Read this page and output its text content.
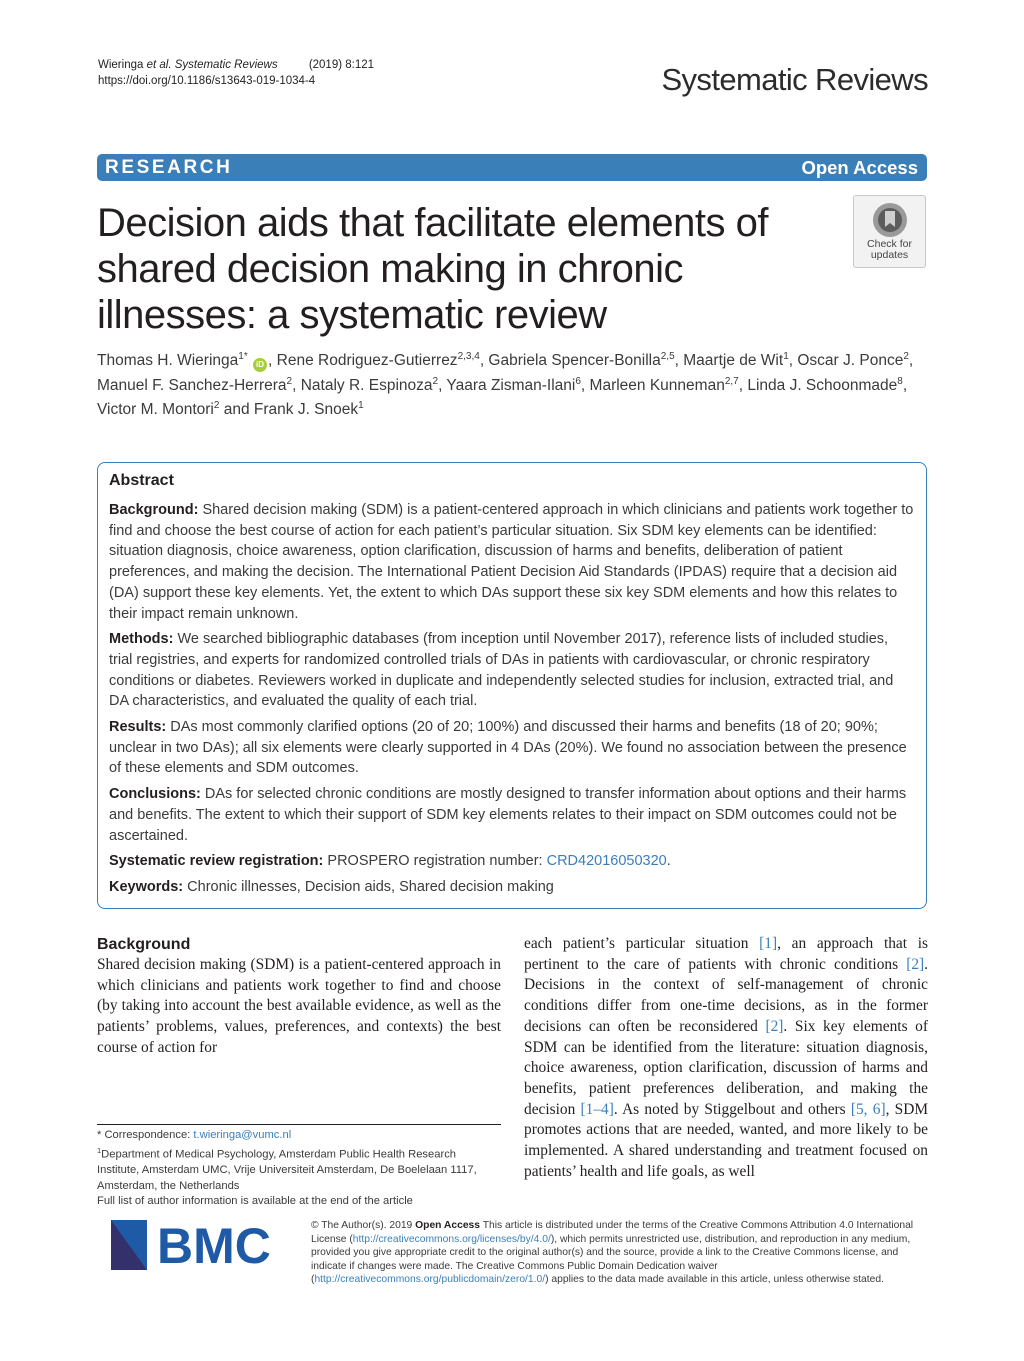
Wieringa et al. Systematic Reviews	(2019) 8:121
https://doi.org/10.1186/s13643-019-1034-4	Systematic Reviews
RESEARCH	Open Access
Decision aids that facilitate elements of shared decision making in chronic illnesses: a systematic review
Check for
updates
Thomas H. Wieringa$^{1*}$ iD , Rene Rodriguez-Gutierrez$^{2,3,4}$, Gabriela Spencer-Bonilla$^{2,5}$, Maartje de Wit$^1$, Oscar J. Ponce$^2$, Manuel F. Sanchez-Herrera$^2$, Nataly R. Espinoza$^2$, Yaara Zisman-Ilani$^6$, Marleen Kunneman$^{2,7}$, Linda J. Schoonmade$^8$, Victor M. Montori$^2$ and Frank J. Snoek$^1$
Abstract

Background: Shared decision making (SDM) is a patient-centered approach in which clinicians and patients work together to find and choose the best course of action for each patient’s particular situation. Six SDM key elements can be identified: situation diagnosis, choice awareness, option clarification, discussion of harms and benefits, deliberation of patient preferences, and making the decision. The International Patient Decision Aid Standards (IPDAS) require that a decision aid (DA) support these key elements. Yet, the extent to which DAs support these six key SDM elements and how this relates to their impact remain unknown.

Methods: We searched bibliographic databases (from inception until November 2017), reference lists of included studies, trial registries, and experts for randomized controlled trials of DAs in patients with cardiovascular, or chronic respiratory conditions or diabetes. Reviewers worked in duplicate and independently selected studies for inclusion, extracted trial, and DA characteristics, and evaluated the quality of each trial.

Results: DAs most commonly clarified options (20 of 20; 100%) and discussed their harms and benefits (18 of 20; 90%; unclear in two DAs); all six elements were clearly supported in 4 DAs (20%). We found no association between the presence of these elements and SDM outcomes.

Conclusions: DAs for selected chronic conditions are mostly designed to transfer information about options and their harms and benefits. The extent to which their support of SDM key elements relates to their impact on SDM outcomes could not be ascertained.

Systematic review registration: PROSPERO registration number: CRD42016050320.

Keywords: Chronic illnesses, Decision aids, Shared decision making

Background

Shared decision making (SDM) is a patient-centered approach in which clinicians and patients work together to find and choose (by taking into account the best available evidence, as well as the patients’ problems, values, preferences, and contexts) the best course of action for

each patient’s particular situation [1], an approach that is pertinent to the care of patients with chronic conditions [2]. Decisions in the context of self-management of chronic conditions differ from one-time decisions, as in the former decisions can often be reconsidered [2]. Six key elements of SDM can be identified from the literature: situation diagnosis, choice awareness, option clarification, discussion of harms and benefits, patient preferences deliberation, and making the decision [1–4]. As noted by Stiggelbout and others [5, 6], SDM promotes actions that are needed, wanted, and more likely to be implemented. A shared understanding and treatment focused on patients’ health and life goals, as well

* Correspondence: t.wieringa@vumc.nl
$^1$Department of Medical Psychology, Amsterdam Public Health Research Institute, Amsterdam UMC, Vrije Universiteit Amsterdam, De Boelelaan 1117, Amsterdam, the Netherlands
Full list of author information is available at the end of the article
BMC	© The Author(s). 2019 Open Access This article is distributed under the terms of the Creative Commons Attribution 4.0 International License (http://creativecommons.org/licenses/by/4.0/), which permits unrestricted use, distribution, and reproduction in any medium, provided you give appropriate credit to the original author(s) and the source, provide a link to the Creative Commons license, and indicate if changes were made. The Creative Commons Public Domain Dedication waiver (http://creativecommons.org/publicdomain/zero/1.0/) applies to the data made available in this article, unless otherwise stated.
